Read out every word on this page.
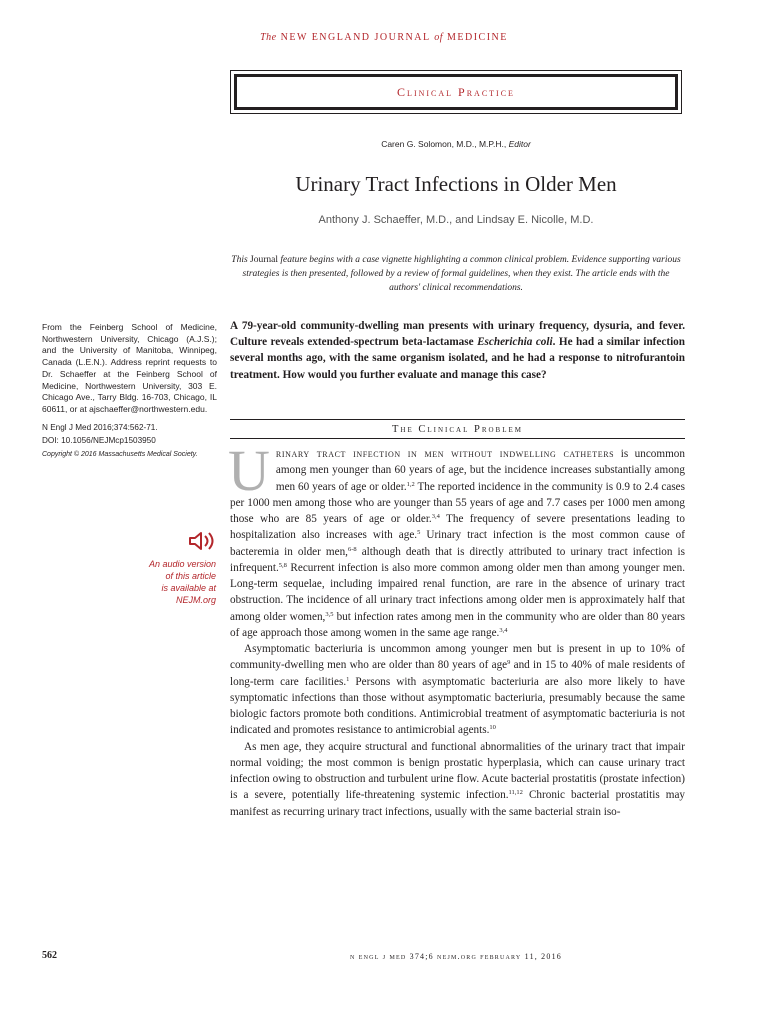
The NEW ENGLAND JOURNAL of MEDICINE
Clinical Practice
Caren G. Solomon, M.D., M.P.H., Editor
Urinary Tract Infections in Older Men
Anthony J. Schaeffer, M.D., and Lindsay E. Nicolle, M.D.
This Journal feature begins with a case vignette highlighting a common clinical problem. Evidence supporting various strategies is then presented, followed by a review of formal guidelines, when they exist. The article ends with the authors' clinical recommendations.

From the Feinberg School of Medicine, Northwestern University, Chicago (A.J.S.); and the University of Manitoba, Winnipeg, Canada (L.E.N.). Address reprint requests to Dr. Schaeffer at the Feinberg School of Medicine, Northwestern University, 303 E. Chicago Ave., Tarry Bldg. 16-703, Chicago, IL 60611, or at ajschaeffer@northwestern.edu.

N Engl J Med 2016;374:562-71.

DOI: 10.1056/NEJMcp1503950

Copyright © 2016 Massachusetts Medical Society.

An audio version
of this article
is available at
NEJM.org

A 79-year-old community-dwelling man presents with urinary frequency, dysuria, and fever. Culture reveals extended-spectrum beta-lactamase Escherichia coli. He had a similar infection several months ago, with the same organism isolated, and he had a response to nitrofurantoin treatment. How would you further evaluate and manage this case?

The Clinical Problem

Urinary tract infection in men without indwelling catheters is uncommon among men younger than 60 years of age, but the incidence increases substantially among men 60 years of age or older.$^{1,2}$ The reported incidence in the community is 0.9 to 2.4 cases per 1000 men among those who are younger than 55 years of age and 7.7 cases per 1000 men among those who are 85 years of age or older.$^{3,4}$ The frequency of severe presentations leading to hospitalization also increases with age.$^5$ Urinary tract infection is the most common cause of bacteremia in older men,$^{6-8}$ although death that is directly attributed to urinary tract infection is infrequent.$^{5,8}$ Recurrent infection is also more common among older men than among younger men. Long-term sequelae, including impaired renal function, are rare in the absence of urinary tract obstruction. The incidence of all urinary tract infections among older men is approximately half that among older women,$^{3,5}$ but infection rates among men in the community who are older than 80 years of age approach those among women in the same age range.$^{3,4}$

Asymptomatic bacteriuria is uncommon among younger men but is present in up to 10% of community-dwelling men who are older than 80 years of age$^9$ and in 15 to 40% of male residents of long-term care facilities.$^1$ Persons with asymptomatic bacteriuria are also more likely to have symptomatic infections than those without asymptomatic bacteriuria, presumably because the same biologic factors promote both conditions. Antimicrobial treatment of asymptomatic bacteriuria is not indicated and promotes resistance to antimicrobial agents.$^{10}$

As men age, they acquire structural and functional abnormalities of the urinary tract that impair normal voiding; the most common is benign prostatic hyperplasia, which can cause urinary tract infection owing to obstruction and turbulent urine flow. Acute bacterial prostatitis (prostate infection) is a severe, potentially life-threatening systemic infection.$^{11,12}$ Chronic bacterial prostatitis may manifest as recurring urinary tract infections, usually with the same bacterial strain iso-

562	n engl j med 374;6 nejm.org february 11, 2016
